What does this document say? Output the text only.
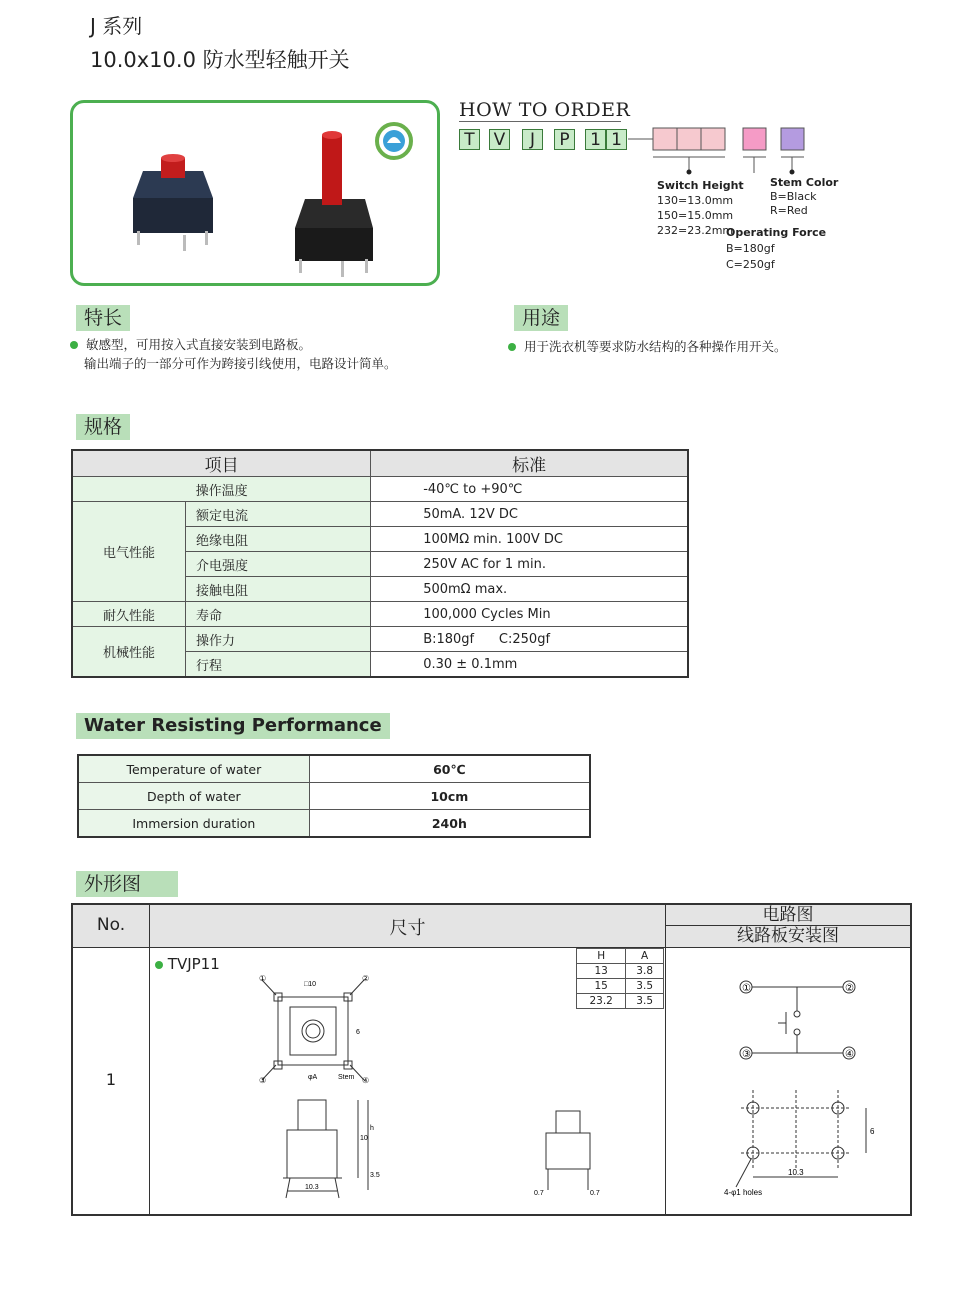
J 系列
10.0x10.0 防水型轻触开关
HOW TO ORDER
T	V	J	P	1 1
Switch Height
130=13.0mm
150=15.0mm
232=23.2mm
Stem Color
B=Black
R=Red
Operating Force
B=180gf
C=250gf
特长
敏感型，可用按入式直接安装到电路板。
输出端子的一部分可作为跨接引线使用，电路设计简单。
用途
用于洗衣机等要求防水结构的各种操作用开关。
规格
项目		标准
操作温度		-40℃ to +90℃
电气性能	额定电流	50mA. 12V DC
	绝缘电阻	100MΩ min. 100V DC
	介电强度	250V AC for 1 min.
	接触电阻	500mΩ max.
耐久性能	寿命	100,000 Cycles Min
机械性能	操作力	B:180gf      C:250gf
	行程	0.30 ± 0.1mm
Water Resisting Performance
Temperature of water	60℃
Depth of water	10cm
Immersion duration	240h
外形图
No.	尺寸
电路图
线路板安装图
1
TVJP11	H	A
13	3.8
15	3.5
23.2	3.5
□10
①	②
③	④
6
φA	Stem
10
h
3.5
10.3
0.7	0.7
①	②
③	④
10.3
6
4-φ1 holes
